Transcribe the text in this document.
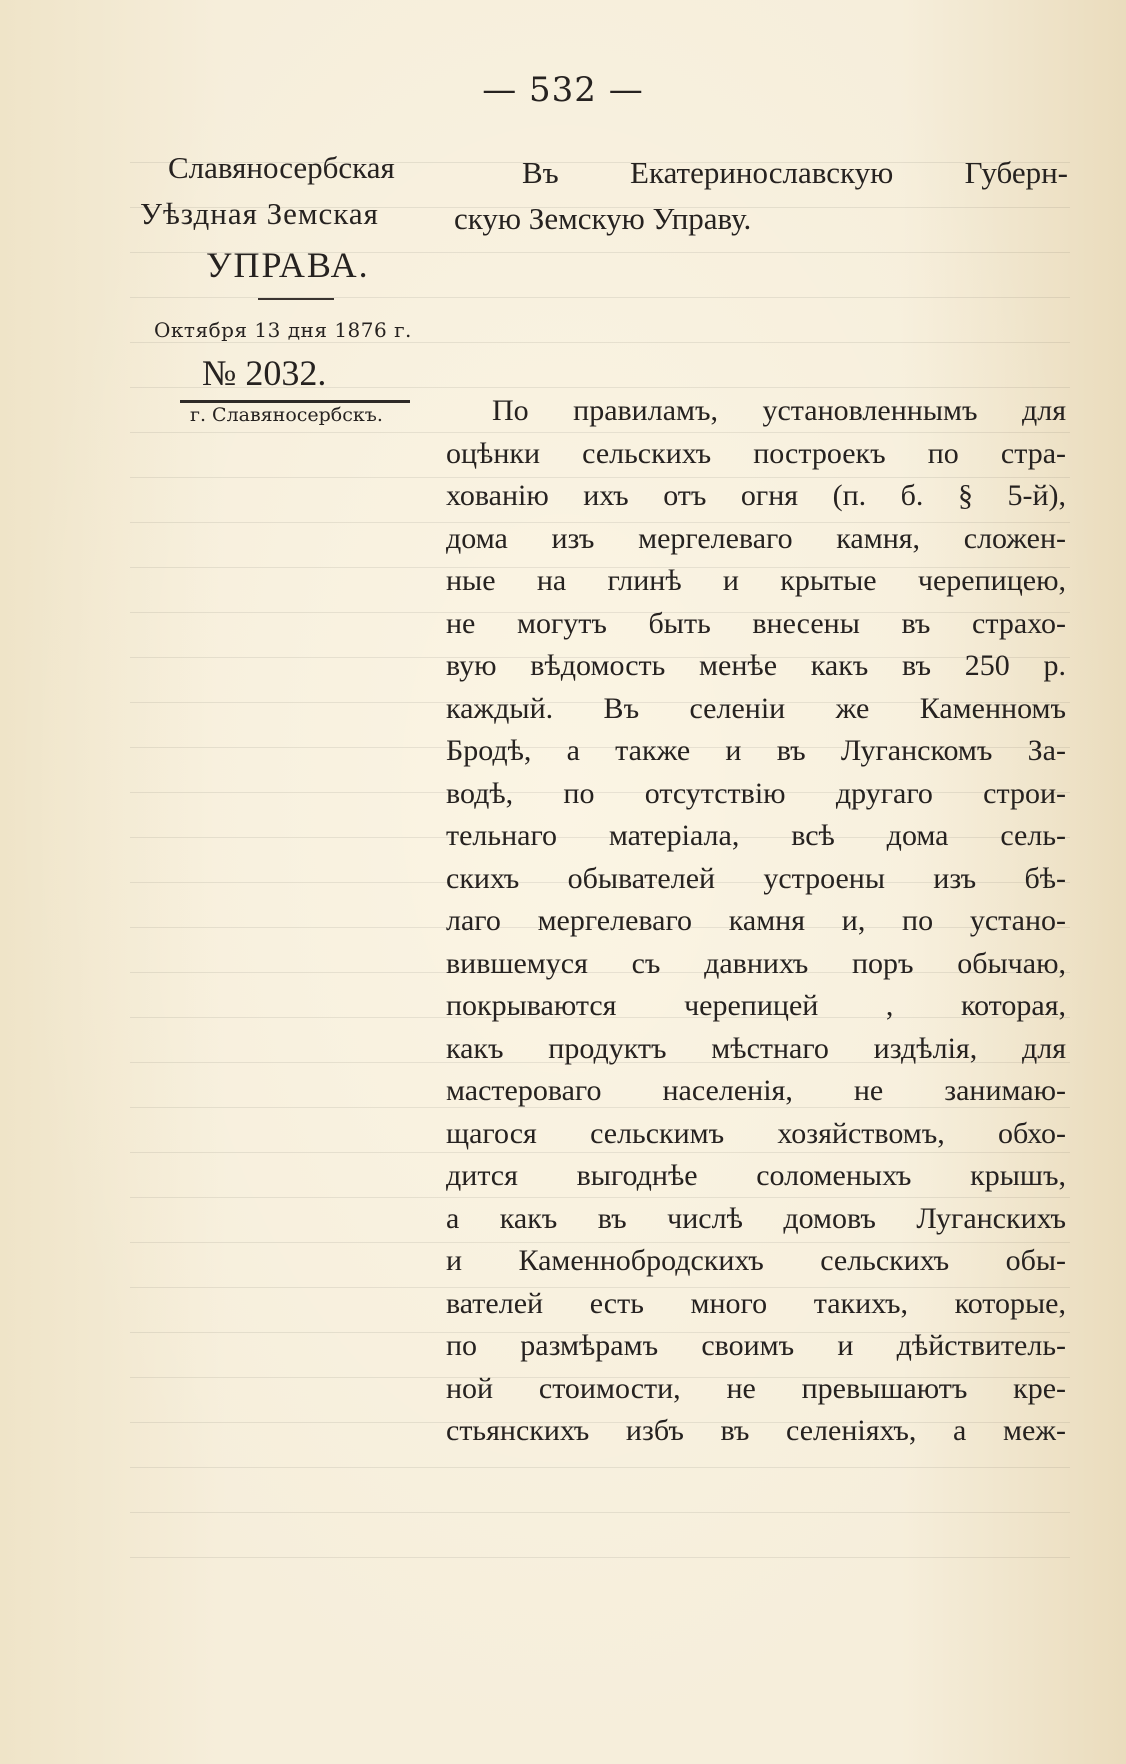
— 532 —
Славяносербская
Уѣздная Земская
УПРАВА.
Октября 13 дня 1876 г.
№ 2032.
г. Славяносербскъ.
Въ Екатеринославскую Губерн-
скую Земскую Управу.
По правиламъ, установленнымъ для
оцѣнки сельскихъ построекъ по стра-
хованію ихъ отъ огня (п. б. § 5-й),
дома изъ мергелеваго камня, сложен-
ные на глинѣ и крытые черепицею,
не могутъ быть внесены въ страхо-
вую вѣдомость менѣе какъ въ 250 р.
каждый. Въ селеніи же Каменномъ
Бродѣ, а также и въ Луганскомъ За-
водѣ, по отсутствію другаго строи-
тельнаго матеріала, всѣ дома сель-
скихъ обывателей устроены изъ бѣ-
лаго мергелеваго камня и, по устано-
вившемуся съ давнихъ поръ обычаю,
покрываются черепицей , которая,
какъ продуктъ мѣстнаго издѣлія, для
мастероваго населенія, не занимаю-
щагося сельскимъ хозяйствомъ, обхо-
дится выгоднѣе соломеныхъ крышъ,
а какъ въ числѣ домовъ Луганскихъ
и Каменнобродскихъ сельскихъ обы-
вателей есть много такихъ, которые,
по размѣрамъ своимъ и дѣйствитель-
ной стоимости, не превышаютъ кре-
стьянскихъ избъ въ селеніяхъ, а меж-
